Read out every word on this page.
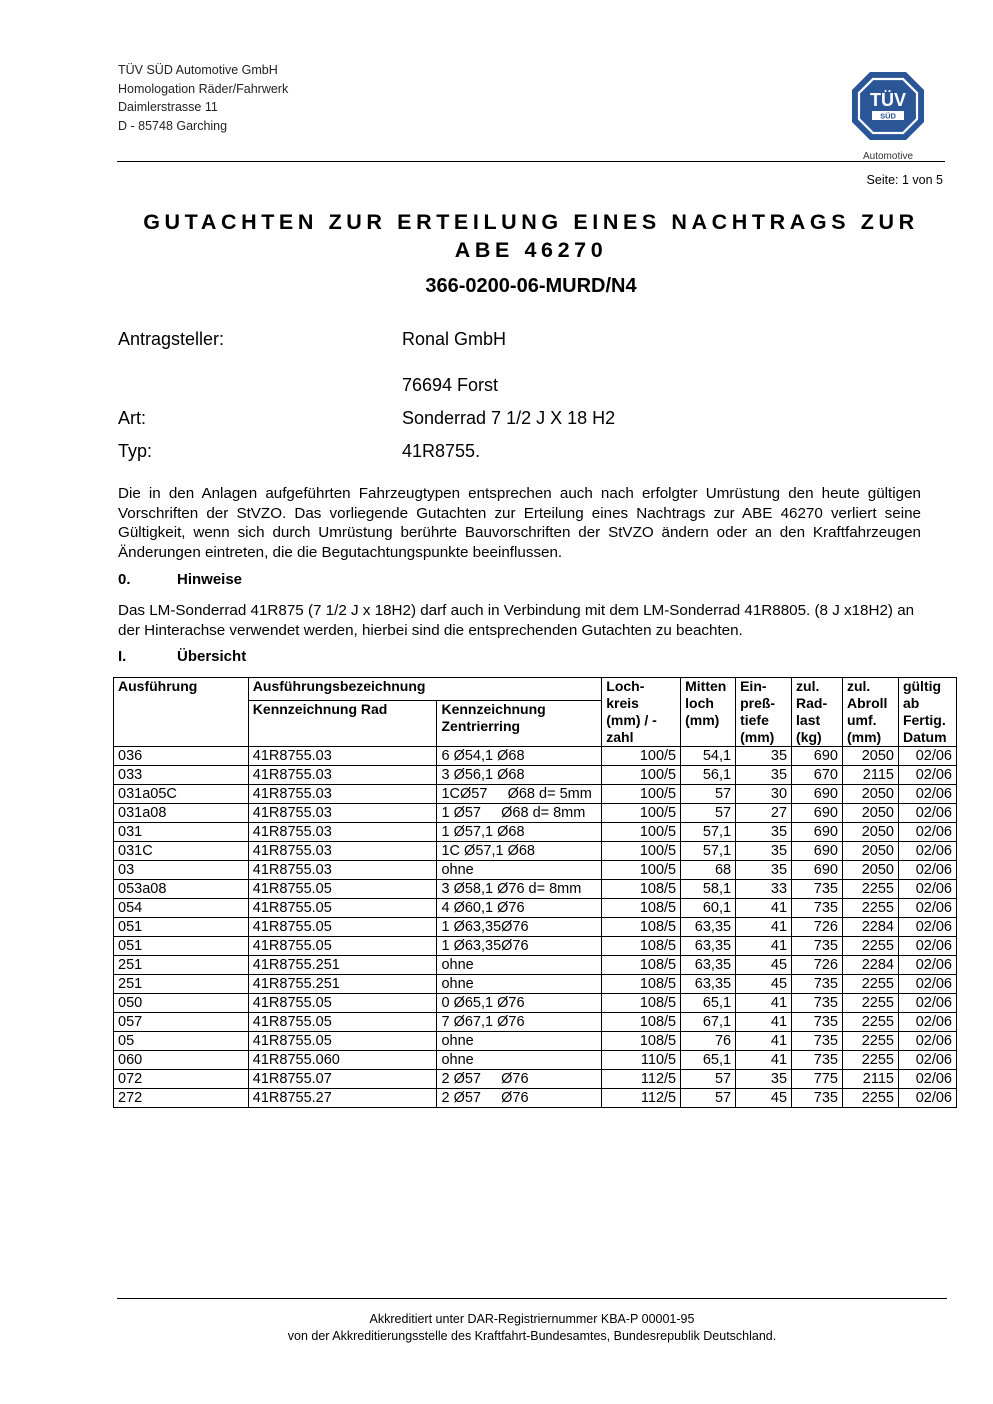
TÜV SÜD Automotive GmbH
Homologation Räder/Fahrwerk
Daimlerstrasse 11
D - 85748 Garching
TÜV
SÜD
Automotive
Seite: 1 von 5
GUTACHTEN ZUR ERTEILUNG EINES NACHTRAGS ZUR
ABE 46270
366-0200-06-MURD/N4
Antragsteller:	Ronal GmbH
76694 Forst
Art:	Sonderrad 7 1/2 J X 18 H2
Typ:	41R8755.
Die in den Anlagen aufgeführten Fahrzeugtypen entsprechen auch nach erfolgter Umrüstung den heute gültigen Vorschriften der StVZO. Das vorliegende Gutachten zur Erteilung eines Nachtrags zur ABE 46270 verliert seine Gültigkeit, wenn sich durch Umrüstung berührte Bauvorschriften der StVZO ändern oder an den Kraftfahrzeugen Änderungen eintreten, die die Begutachtungspunkte beeinflussen.
0.	Hinweise
Das LM-Sonderrad 41R875 (7 1/2 J x 18H2) darf auch in Verbindung mit dem LM-Sonderrad 41R8805. (8 J x18H2) an der Hinterachse verwendet werden, hierbei sind die entsprechenden Gutachten zu beachten.
I.	Übersicht
Ausführung	Ausführungsbezeichnung		Loch-kreis (mm) / -zahl	Mitten loch (mm)	Ein-preß-tiefe (mm)	zul. Rad-last (kg)	zul. Abroll umf. (mm)	gültig ab Fertig. Datum
	Kennzeichnung Rad	Kennzeichnung Zentrierring						
036	41R8755.03	6 Ø54,1 Ø68	100/5	54,1	35	690	2050	02/06
033	41R8755.03	3 Ø56,1 Ø68	100/5	56,1	35	670	2115	02/06
031a05C	41R8755.03	1CØ57     Ø68 d= 5mm	100/5	57	30	690	2050	02/06
031a08	41R8755.03	1 Ø57     Ø68 d= 8mm	100/5	57	27	690	2050	02/06
031	41R8755.03	1 Ø57,1 Ø68	100/5	57,1	35	690	2050	02/06
031C	41R8755.03	1C Ø57,1 Ø68	100/5	57,1	35	690	2050	02/06
03	41R8755.03	ohne	100/5	68	35	690	2050	02/06
053a08	41R8755.05	3 Ø58,1 Ø76 d= 8mm	108/5	58,1	33	735	2255	02/06
054	41R8755.05	4 Ø60,1 Ø76	108/5	60,1	41	735	2255	02/06
051	41R8755.05	1 Ø63,35Ø76	108/5	63,35	41	726	2284	02/06
051	41R8755.05	1 Ø63,35Ø76	108/5	63,35	41	735	2255	02/06
251	41R8755.251	ohne	108/5	63,35	45	726	2284	02/06
251	41R8755.251	ohne	108/5	63,35	45	735	2255	02/06
050	41R8755.05	0 Ø65,1 Ø76	108/5	65,1	41	735	2255	02/06
057	41R8755.05	7 Ø67,1 Ø76	108/5	67,1	41	735	2255	02/06
05	41R8755.05	ohne	108/5	76	41	735	2255	02/06
060	41R8755.060	ohne	110/5	65,1	41	735	2255	02/06
072	41R8755.07	2 Ø57     Ø76	112/5	57	35	775	2115	02/06
272	41R8755.27	2 Ø57     Ø76	112/5	57	45	735	2255	02/06
Akkreditiert unter DAR-Registriernummer KBA-P 00001-95
von der Akkreditierungsstelle des Kraftfahrt-Bundesamtes, Bundesrepublik Deutschland.
